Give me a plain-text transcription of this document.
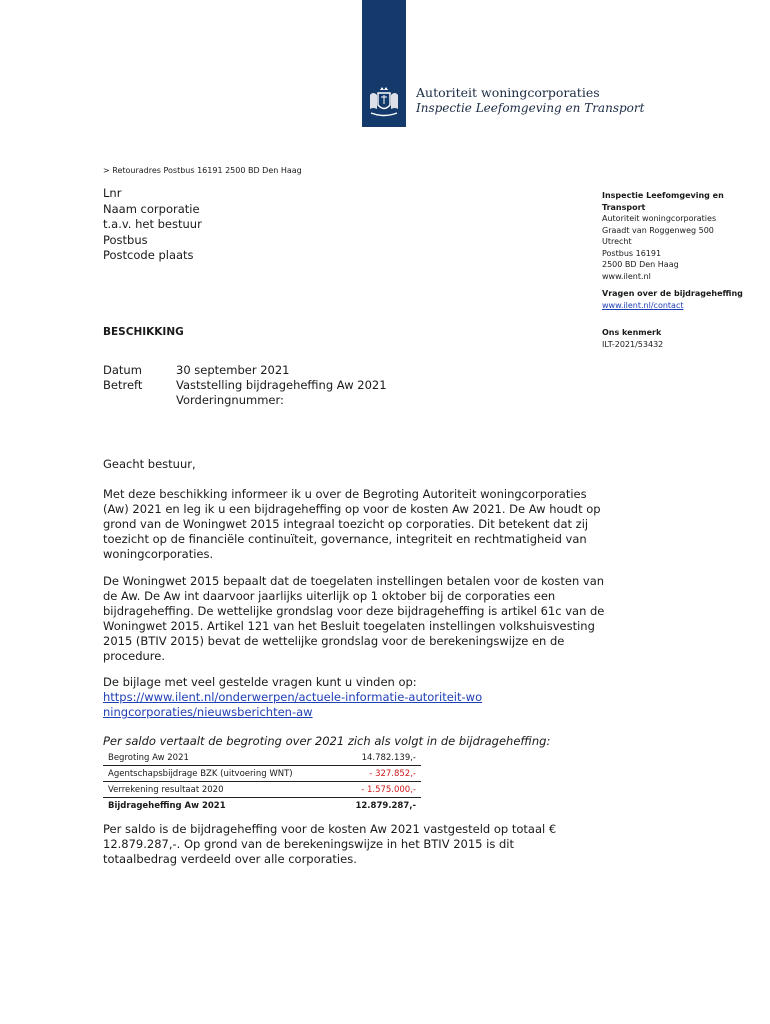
Autoriteit woningcorporaties
Inspectie Leefomgeving en Transport
> Retouradres Postbus 16191 2500 BD Den Haag
Lnr
Naam corporatie
t.a.v. het bestuur
Postbus
Postcode plaats
Inspectie Leefomgeving en Transport
Autoriteit woningcorporaties
Graadt van Roggenweg 500
Utrecht
Postbus 16191
2500 BD Den Haag
www.ilent.nl
Vragen over de bijdrageheffing
www.ilent.nl/contact
Ons kenmerk
ILT-2021/53432
BESCHIKKING
Datum	30 september 2021
Betreft	Vaststelling bijdrageheffing Aw 2021
Vorderingnummer:
Geacht bestuur,

Met deze beschikking informeer ik u over de Begroting Autoriteit woningcorporaties (Aw) 2021 en leg ik u een bijdrageheffing op voor de kosten Aw 2021. De Aw houdt op grond van de Woningwet 2015 integraal toezicht op corporaties. Dit betekent dat zij toezicht op de financiële continuïteit, governance, integriteit en rechtmatigheid van woningcorporaties.

De Woningwet 2015 bepaalt dat de toegelaten instellingen betalen voor de kosten van de Aw. De Aw int daarvoor jaarlijks uiterlijk op 1 oktober bij de corporaties een bijdrageheffing. De wettelijke grondslag voor deze bijdrageheffing is artikel 61c van de Woningwet 2015. Artikel 121 van het Besluit toegelaten instellingen volkshuisvesting 2015 (BTIV 2015) bevat de wettelijke grondslag voor de berekeningswijze en de procedure.

De bijlage met veel gestelde vragen kunt u vinden op:

https://www.ilent.nl/onderwerpen/actuele-informatie-autoriteit-woningcorporaties/nieuwsberichten-aw

Per saldo vertaalt de begroting over 2021 zich als volgt in de bijdrageheffing:
Begroting Aw 2021	14.782.139,-
Agentschapsbijdrage BZK (uitvoering WNT)	- 327.852,-
Verrekening resultaat 2020	- 1.575.000,-
Bijdrageheffing Aw 2021	12.879.287,-

Per saldo is de bijdrageheffing voor de kosten Aw 2021 vastgesteld op totaal € 12.879.287,-. Op grond van de berekeningswijze in het BTIV 2015 is dit totaalbedrag verdeeld over alle corporaties.
